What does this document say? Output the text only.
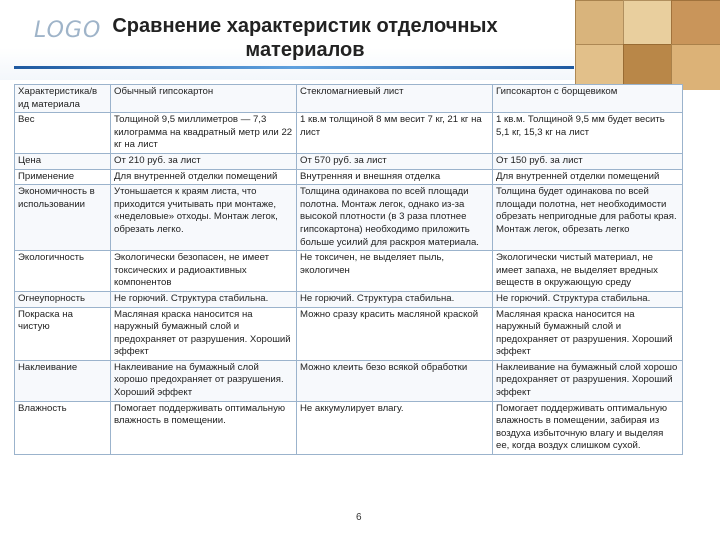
LOGO Сравнение характеристик отделочных
материалов
Характеристика/в ид материала	Обычный гипсокартон	Стекломагниевый лист	Гипсокартон с борщевиком
Вес	Толщиной 9,5 миллиметров — 7,3 килограмма на квадратный метр или 22 кг на лист	1 кв.м толщиной 8 мм весит 7 кг, 21 кг на лист	1 кв.м. Толщиной 9,5 мм будет весить 5,1 кг, 15,3 кг на лист
Цена	От 210 руб. за лист	От 570 руб. за лист	От 150 руб. за лист
Применение	Для внутренней отделки помещений	Внутренняя и внешняя отделка	Для внутренней отделки помещений
Экономичность в использовании	Утоньшается к краям листа, что приходится учитывать при монтаже, «неделовые» отходы. Монтаж легок, обрезать легко.	Толщина одинакова по всей площади полотна. Монтаж легок, однако из-за высокой плотности (в 3 раза плотнее гипсокартона) необходимо приложить больше усилий для раскроя материала.	Толщина будет одинакова по всей площади полотна, нет необходимости обрезать непригодные для работы края. Монтаж легок, обрезать легко
Экологичность	Экологически безопасен, не имеет токсических и радиоактивных компонентов	Не токсичен, не выделяет пыль, экологичен	Экологически чистый материал, не имеет запаха, не выделяет вредных веществ в окружающую среду
Огнеупорность	Не горючий. Структура стабильна.	Не горючий. Структура стабильна.	Не горючий. Структура стабильна.
Покраска на чистую	Масляная краска наносится на наружный бумажный слой и предохраняет от разрушения. Хороший эффект	Можно сразу красить масляной краской	Масляная краска наносится на наружный бумажный слой и предохраняет от разрушения. Хороший эффект
Наклеивание	Наклеивание на бумажный слой хорошо предохраняет от разрушения. Хороший эффект	Можно клеить безо всякой обработки	Наклеивание на бумажный слой хорошо предохраняет от разрушения. Хороший эффект
Влажность	Помогает поддерживать оптимальную влажность в помещении.	Не аккумулирует влагу.	Помогает поддерживать оптимальную влажность в помещении, забирая из воздуха избыточную влагу и выделяя ее, когда воздух слишком сухой.
6
